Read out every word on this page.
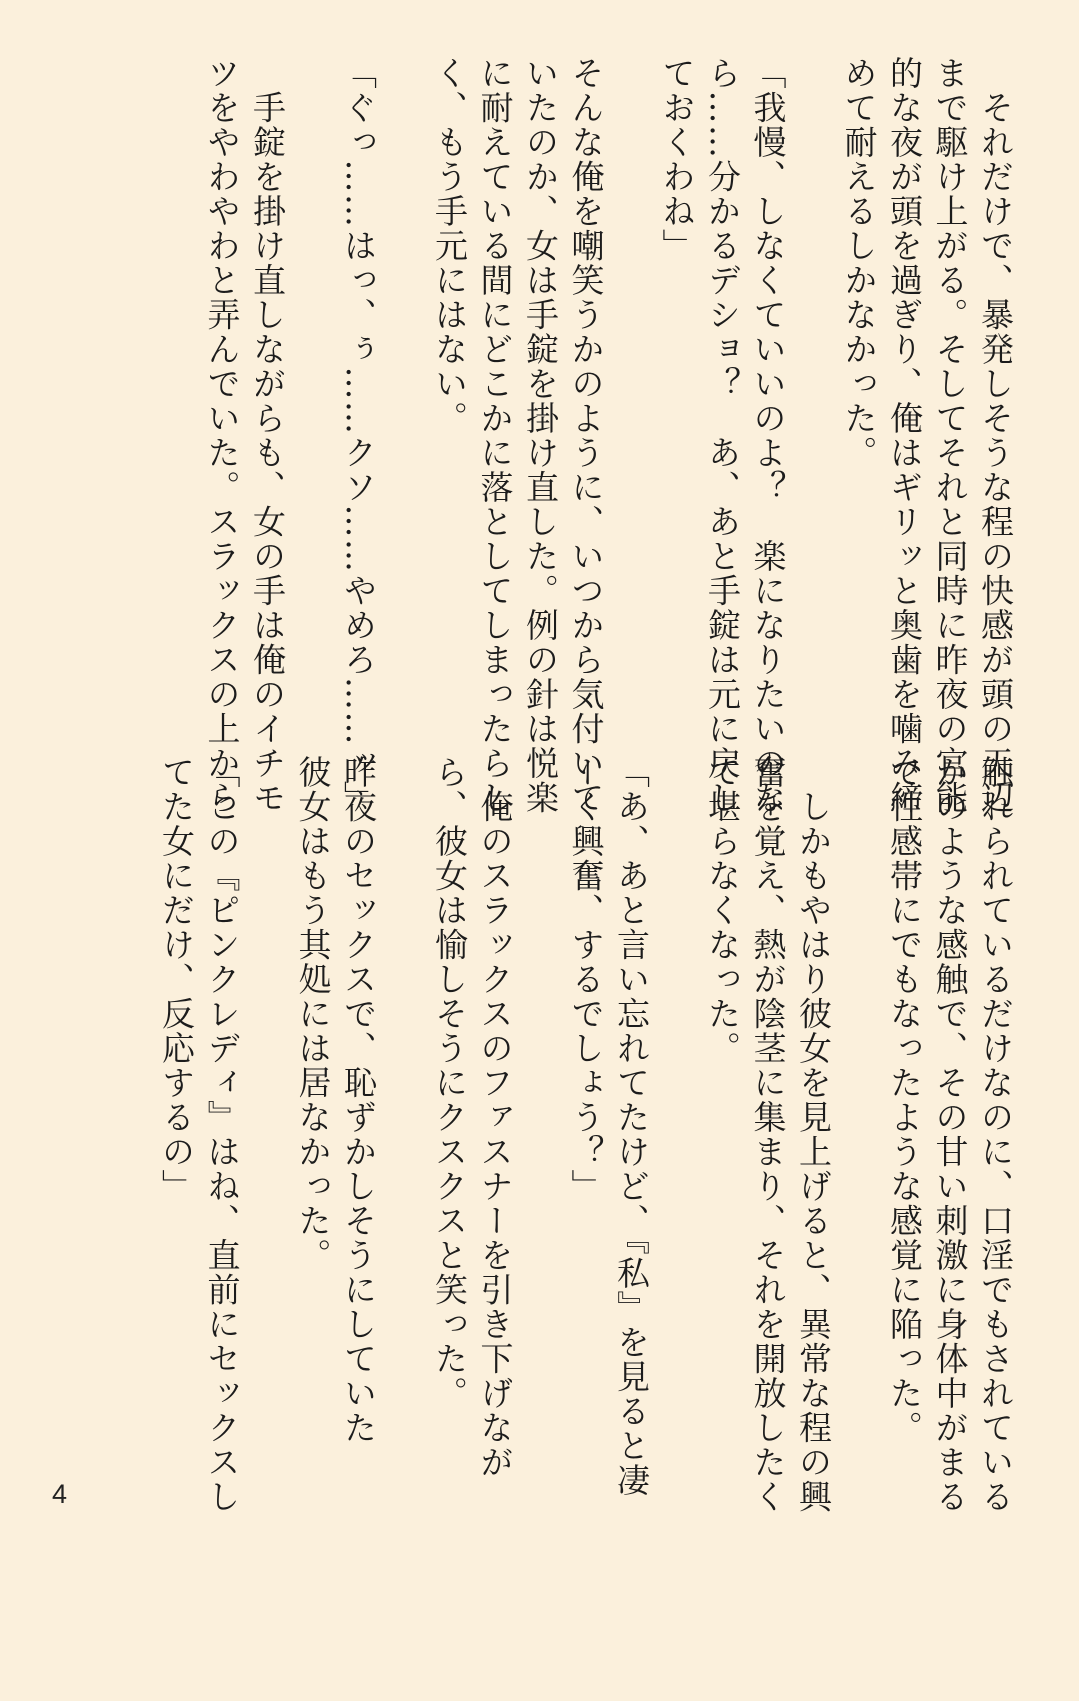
　それだけで、暴発しそうな程の快感が頭の天辺
まで駆け上がる。そしてそれと同時に昨夜の官能
的な夜が頭を過ぎり、俺はギリッと奥歯を噛み締
めて耐えるしかなかった。
「我慢、しなくていいのよ？　楽になりたいのな
ら……分かるデショ？　あ、あと手錠は元に戻し
ておくわね」
そんな俺を嘲笑うかのように、いつから気付いて
いたのか、女は手錠を掛け直した。例の針は悦楽
に耐えている間にどこかに落としてしまったらし
く、もう手元にはない。
「ぐっ……はっ、ぅ……クソ……やめろ……ッ」
　手錠を掛け直しながらも、女の手は俺のイチモ
ツをやわやわと弄んでいた。スラックスの上から
触れられているだけなのに、口淫でもされている
かのような感触で、その甘い刺激に身体中がまる
で性感帯にでもなったような感覚に陥った。
　しかもやはり彼女を見上げると、異常な程の興
奮を覚え、熱が陰茎に集まり、それを開放したく
て堪らなくなった。
「あ、あと言い忘れてたけど、『私』を見ると凄
ーく興奮、するでしょう？」
　俺のスラックスのファスナーを引き下げなが
ら、彼女は愉しそうにクスクスと笑った。
昨夜のセックスで、恥ずかしそうにしていた
彼女はもう其処には居なかった。
「この『ピンクレディ』はね、直前にセックスし
てた女にだけ、反応するの」
4
